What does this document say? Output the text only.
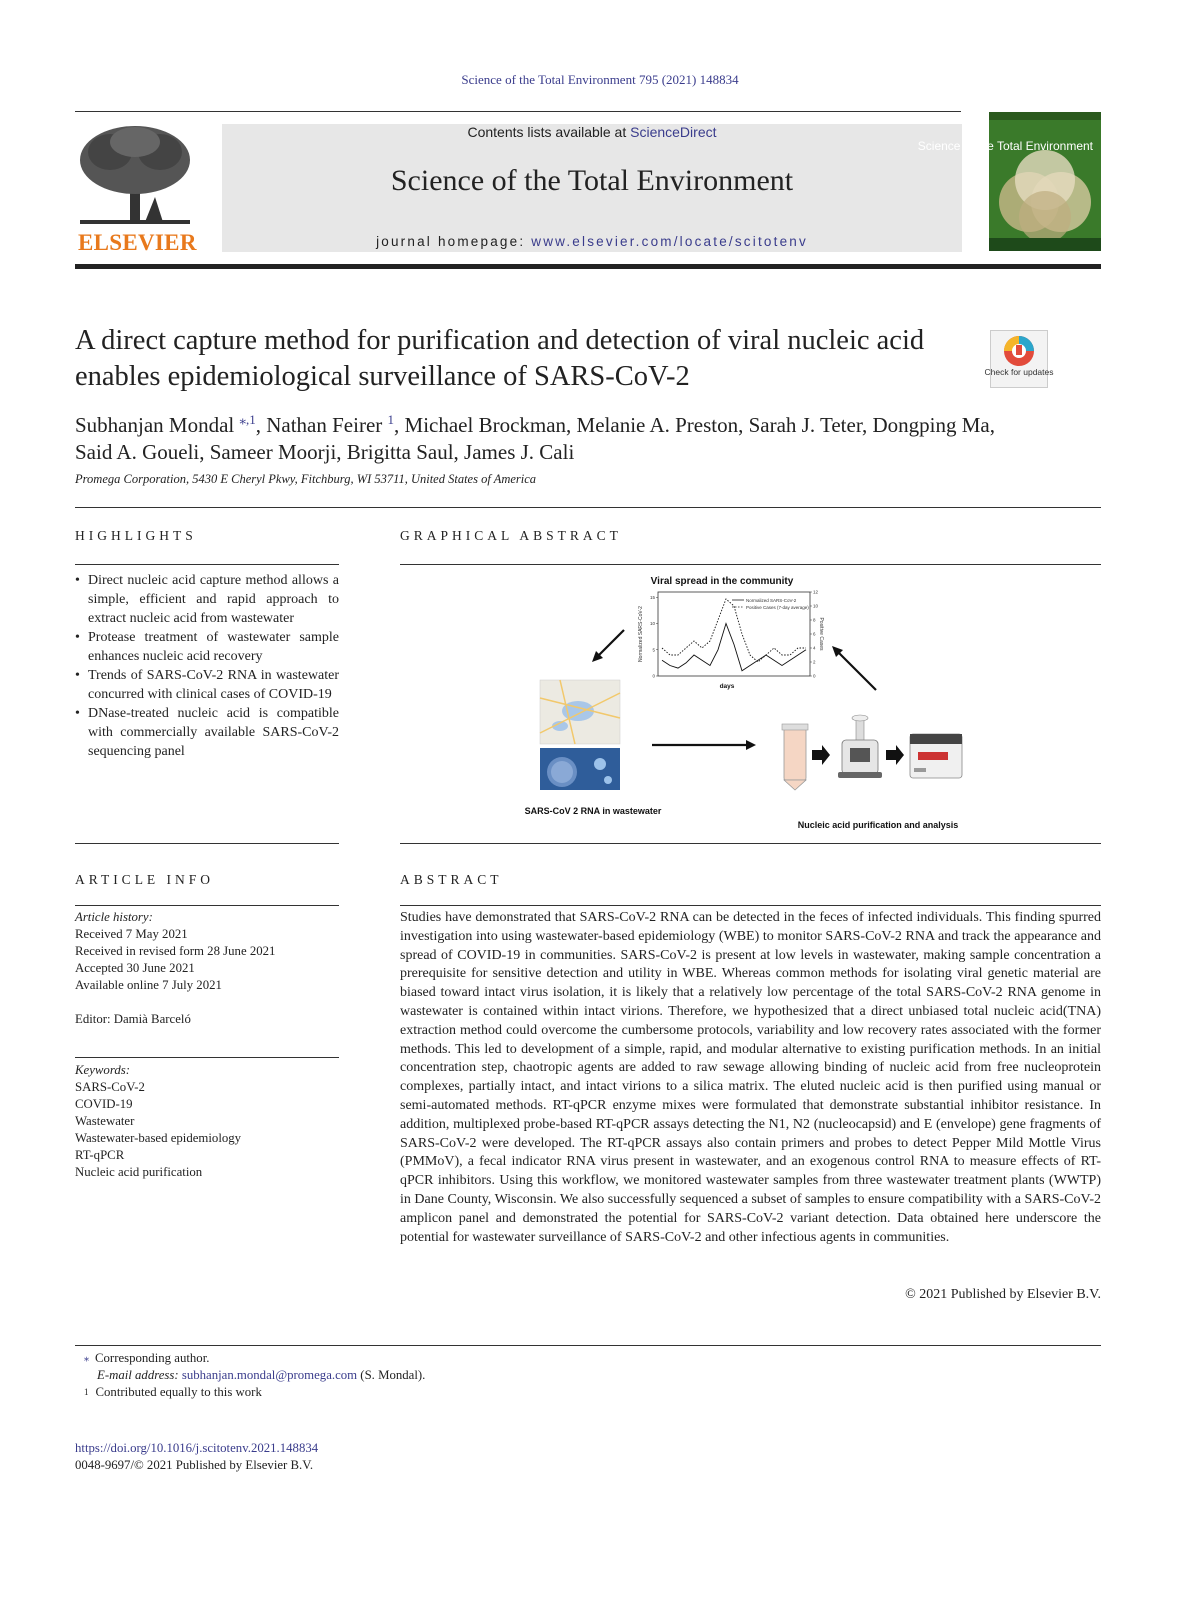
Science of the Total Environment 795 (2021) 148834
ELSEVIER
Contents lists available at ScienceDirect
Science of the Total Environment
journal homepage: www.elsevier.com/locate/scitotenv
Science of the Total Environment
A direct capture method for purification and detection of viral nucleic acid enables epidemiological surveillance of SARS-CoV-2	Check for updates
Subhanjan Mondal $^{⁎,1}$, Nathan Feirer $^1$, Michael Brockman, Melanie A. Preston, Sarah J. Teter, Dongping Ma,
Said A. Goueli, Sameer Moorji, Brigitta Saul, James J. Cali
Promega Corporation, 5430 E Cheryl Pkwy, Fitchburg, WI 53711, United States of America
HIGHLIGHTS	GRAPHICAL ABSTRACT
• Direct nucleic acid capture method allows a simple, efficient and rapid approach to extract nucleic acid from wastewater
• Protease treatment of wastewater sample enhances nucleic acid recovery
• Trends of SARS-CoV-2 RNA in wastewater concurred with clinical cases of COVID-19
• DNase-treated nucleic acid is compatible with commercially available SARS-CoV-2 sequencing panel
Viral spread in the community
0
5
10
15
0
2
4
6
8
10
12
Normalized SARS-CoV-2
Positive Cases (7-day average)
Normalized SARS-CoV-2	Positive Cases
days
SARS-CoV 2 RNA in wastewater
Nucleic acid purification and analysis
ARTICLE INFO	ABSTRACT
Article history:
Received 7 May 2021
Received in revised form 28 June 2021
Accepted 30 June 2021
Available online 7 July 2021
Editor: Damià Barceló
Keywords:
SARS-CoV-2
COVID-19
Wastewater
Wastewater-based epidemiology
RT-qPCR
Nucleic acid purification

Studies have demonstrated that SARS-CoV-2 RNA can be detected in the feces of infected individuals. This finding spurred investigation into using wastewater-based epidemiology (WBE) to monitor SARS-CoV-2 RNA and track the appearance and spread of COVID-19 in communities. SARS-CoV-2 is present at low levels in wastewater, making sample concentration a prerequisite for sensitive detection and utility in WBE. Whereas common methods for isolating viral genetic material are biased toward intact virus isolation, it is likely that a relatively low percentage of the total SARS-CoV-2 RNA genome in wastewater is contained within intact virions. Therefore, we hypothesized that a direct unbiased total nucleic acid(TNA) extraction method could overcome the cumbersome protocols, variability and low recovery rates associated with the former methods. This led to development of a simple, rapid, and modular alternative to existing purification methods. In an initial concentration step, chaotropic agents are added to raw sewage allowing binding of nucleic acid from free nucleoprotein complexes, partially intact, and intact virions to a silica matrix. The eluted nucleic acid is then purified using manual or semi-automated methods. RT-qPCR enzyme mixes were formulated that demonstrate substantial inhibitor resistance. In addition, multiplexed probe-based RT-qPCR assays detecting the N1, N2 (nucleocapsid) and E (envelope) gene fragments of SARS-CoV-2 were developed. The RT-qPCR assays also contain primers and probes to detect Pepper Mild Mottle Virus (PMMoV), a fecal indicator RNA virus present in wastewater, and an exogenous control RNA to measure effects of RT-qPCR inhibitors. Using this workflow, we monitored wastewater samples from three wastewater treatment plants (WWTP) in Dane County, Wisconsin. We also successfully sequenced a subset of samples to ensure compatibility with a SARS-CoV-2 amplicon panel and demonstrated the potential for SARS-CoV-2 variant detection. Data obtained here underscore the potential for wastewater surveillance of SARS-CoV-2 and other infectious agents in communities.

© 2021 Published by Elsevier B.V.
⁎ Corresponding author.
E-mail address: subhanjan.mondal@promega.com (S. Mondal).
$^1$ Contributed equally to this work
https://doi.org/10.1016/j.scitotenv.2021.148834
0048-9697/© 2021 Published by Elsevier B.V.
